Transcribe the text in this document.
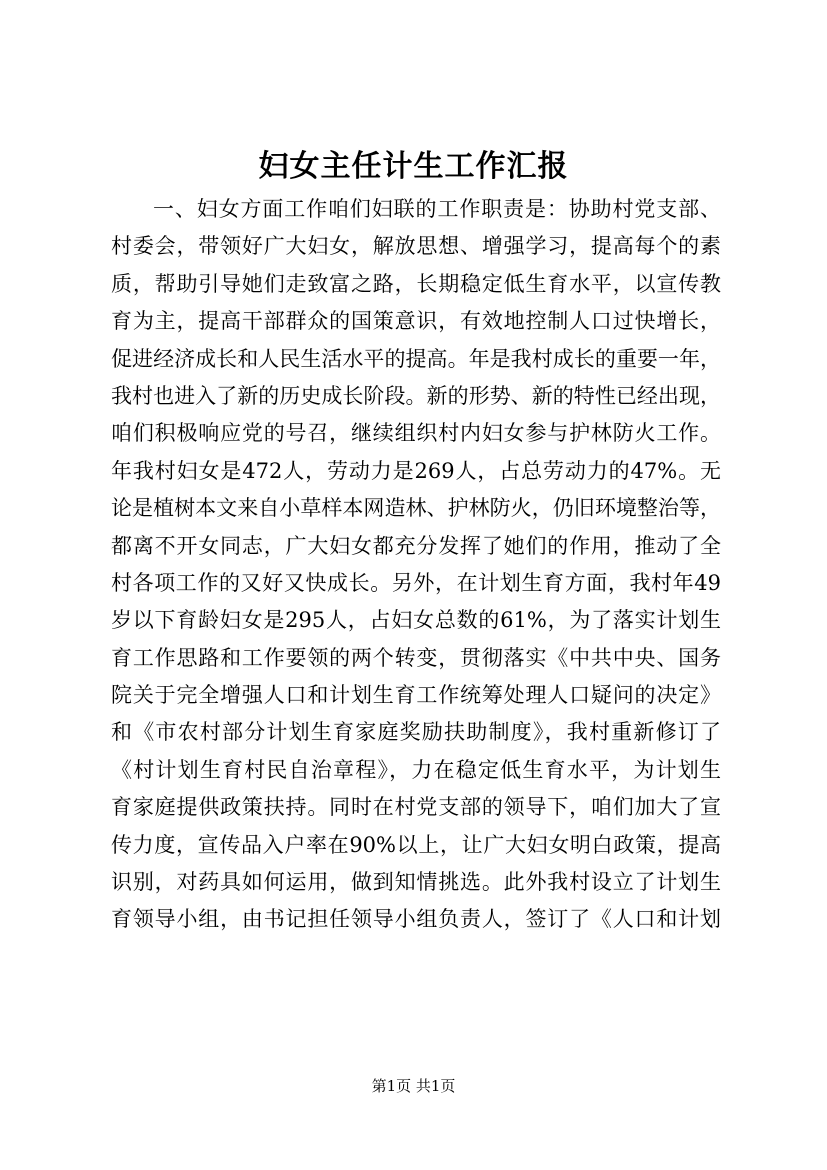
妇女主任计生工作汇报
一、妇女方面工作咱们妇联的工作职责是：协助村党支部、
村委会，带领好广大妇女，解放思想、增强学习，提高每个的素
质，帮助引导她们走致富之路，长期稳定低生育水平，以宣传教
育为主，提高干部群众的国策意识，有效地控制人口过快增长，
促进经济成长和人民生活水平的提高。年是我村成长的重要一年，
我村也进入了新的历史成长阶段。新的形势、新的特性已经出现，
咱们积极响应党的号召，继续组织村内妇女参与护林防火工作。
年我村妇女是472人，劳动力是269人，占总劳动力的47%。无
论是植树本文来自小草样本网造林、护林防火，仍旧环境整治等，
都离不开女同志，广大妇女都充分发挥了她们的作用，推动了全
村各项工作的又好又快成长。另外，在计划生育方面，我村年49
岁以下育龄妇女是295人，占妇女总数的61%，为了落实计划生
育工作思路和工作要领的两个转变，贯彻落实《中共中央、国务
院关于完全增强人口和计划生育工作统筹处理人口疑问的决定》
和《市农村部分计划生育家庭奖励扶助制度》，我村重新修订了
《村计划生育村民自治章程》，力在稳定低生育水平，为计划生
育家庭提供政策扶持。同时在村党支部的领导下，咱们加大了宣
传力度，宣传品入户率在90%以上，让广大妇女明白政策，提高
识别，对药具如何运用，做到知情挑选。此外我村设立了计划生
育领导小组，由书记担任领导小组负责人，签订了《人口和计划
第1页 共1页
